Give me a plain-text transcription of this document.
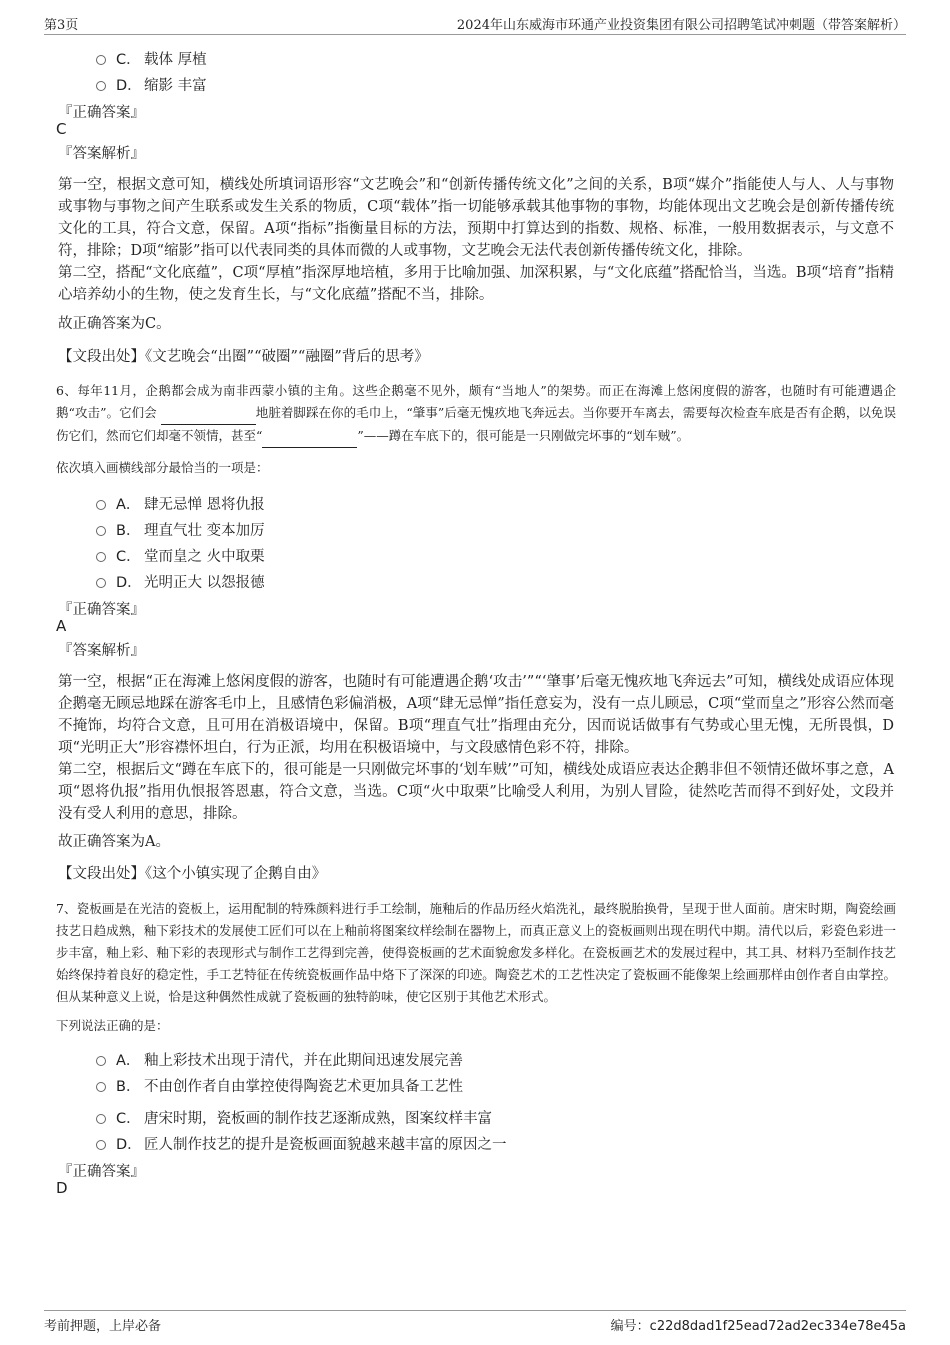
第3页	2024年山东威海市环通产业投资集团有限公司招聘笔试冲刺题（带答案解析）
C． 载体 厚植
D． 缩影 丰富
『正确答案』
C
『答案解析』
第一空，根据文意可知，横线处所填词语形容“文艺晚会”和“创新传播传统文化”之间的关系，B项“媒介”指能使人与人、人与事物或事物与事物之间产生联系或发生关系的物质，C项“载体”指一切能够承载其他事物的事物，均能体现出文艺晚会是创新传播传统文化的工具，符合文意，保留。A项“指标”指衡量目标的方法，预期中打算达到的指数、规格、标准，一般用数据表示，与文意不符，排除；D项“缩影”指可以代表同类的具体而微的人或事物，文艺晚会无法代表创新传播传统文化，排除。
第二空，搭配“文化底蕴”，C项“厚植”指深厚地培植，多用于比喻加强、加深积累，与“文化底蕴”搭配恰当，当选。B项“培育”指精心培养幼小的生物，使之发育生长，与“文化底蕴”搭配不当，排除。
故正确答案为C。
【文段出处】《文艺晚会“出圈”“破圈”“融圈”背后的思考》
6、每年11月，企鹅都会成为南非西蒙小镇的主角。这些企鹅毫不见外，颇有“当地人”的架势。而正在海滩上悠闲度假的游客，也随时有可能遭遇企鹅“攻击”。它们会	地脏着脚踩在你的毛巾上，“肇事”后毫无愧疚地飞奔远去。当你要开车离去，需要每次检查车底是否有企鹅，以免误伤它们，然而它们却毫不领情，甚至“	”——蹲在车底下的，很可能是一只刚做完坏事的“划车贼”。
依次填入画横线部分最恰当的一项是：
A． 肆无忌惮 恩将仇报
B． 理直气壮 变本加厉
C． 堂而皇之 火中取栗
D． 光明正大 以怨报德
『正确答案』
A
『答案解析』
第一空，根据“正在海滩上悠闲度假的游客，也随时有可能遭遇企鹅‘攻击’”“‘肇事’后毫无愧疚地飞奔远去”可知，横线处成语应体现企鹅毫无顾忌地踩在游客毛巾上，且感情色彩偏消极，A项“肆无忌惮”指任意妄为，没有一点儿顾忌，C项“堂而皇之”形容公然而毫不掩饰，均符合文意，且可用在消极语境中，保留。B项“理直气壮”指理由充分，因而说话做事有气势或心里无愧，无所畏惧，D项“光明正大”形容襟怀坦白，行为正派，均用在积极语境中，与文段感情色彩不符，排除。
第二空，根据后文“蹲在车底下的，很可能是一只刚做完坏事的‘划车贼’”可知，横线处成语应表达企鹅非但不领情还做坏事之意，A项“恩将仇报”指用仇恨报答恩惠，符合文意，当选。C项“火中取栗”比喻受人利用，为别人冒险，徒然吃苦而得不到好处，文段并没有受人利用的意思，排除。
故正确答案为A。
【文段出处】《这个小镇实现了企鹅自由》
7、瓷板画是在光洁的瓷板上，运用配制的特殊颜料进行手工绘制，施釉后的作品历经火焰洗礼，最终脱胎换骨，呈现于世人面前。唐宋时期，陶瓷绘画技艺日趋成熟，釉下彩技术的发展使工匠们可以在上釉前将图案纹样绘制在器物上，而真正意义上的瓷板画则出现在明代中期。清代以后，彩瓷色彩进一步丰富，釉上彩、釉下彩的表现形式与制作工艺得到完善，使得瓷板画的艺术面貌愈发多样化。在瓷板画艺术的发展过程中，其工具、材料乃至制作技艺始终保持着良好的稳定性，手工艺特征在传统瓷板画作品中烙下了深深的印迹。陶瓷艺术的工艺性决定了瓷板画不能像架上绘画那样由创作者自由掌控。但从某种意义上说，恰是这种偶然性成就了瓷板画的独特韵味，使它区别于其他艺术形式。
下列说法正确的是：
A． 釉上彩技术出现于清代，并在此期间迅速发展完善
B． 不由创作者自由掌控使得陶瓷艺术更加具备工艺性
C． 唐宋时期，瓷板画的制作技艺逐渐成熟，图案纹样丰富
D． 匠人制作技艺的提升是瓷板画面貌越来越丰富的原因之一
『正确答案』
D
考前押题，上岸必备	编号：c22d8dad1f25ead72ad2ec334e78e45a
